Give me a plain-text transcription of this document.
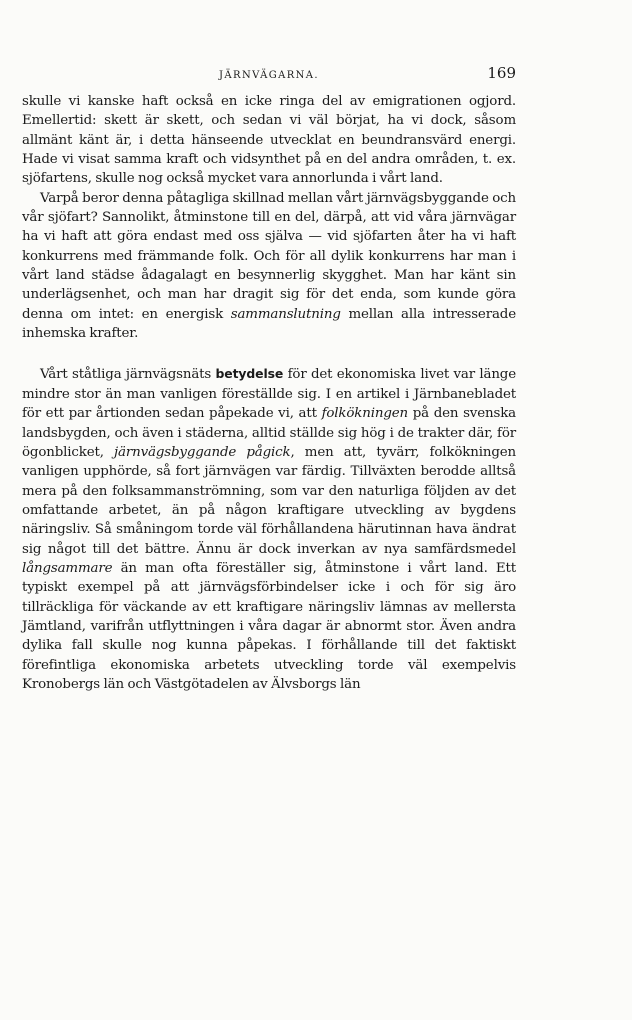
JÄRNVÄGARNA.	169

skulle vi kanske haft också en icke ringa del av emigrationen ogjord. Emellertid: skett är skett, och sedan vi väl börjat, ha vi dock, såsom allmänt känt är, i detta hänseende utvecklat en beundransvärd energi. Hade vi visat samma kraft och vidsynthet på en del andra områden, t. ex. sjöfartens, skulle nog också mycket vara annorlunda i vårt land.

Varpå beror denna påtagliga skillnad mellan vårt järnvägsbyggande och vår sjöfart? Sannolikt, åtminstone till en del, därpå, att vid våra järnvägar ha vi haft att göra endast med oss själva — vid sjöfarten åter ha vi haft konkurrens med främmande folk. Och för all dylik konkurrens har man i vårt land städse ådagalagt en besynnerlig skygghet. Man har känt sin underlägsenhet, och man har dragit sig för det enda, som kunde göra denna om intet: en energisk sammanslutning mellan alla intresserade inhemska krafter.

Vårt ståtliga järnvägsnäts betydelse för det ekonomiska livet var länge mindre stor än man vanligen föreställde sig. I en artikel i Järnbanebladet för ett par årtionden sedan påpekade vi, att folkökningen på den svenska landsbygden, och även i städerna, alltid ställde sig hög i de trakter där, för ögonblicket, järnvägsbyggande pågick, men att, tyvärr, folkökningen vanligen upphörde, så fort järnvägen var färdig. Tillväxten berodde alltså mera på den folksammanströmning, som var den naturliga följden av det omfattande arbetet, än på någon kraftigare utveckling av bygdens näringsliv. Så småningom torde väl förhållandena härutinnan hava ändrat sig något till det bättre. Ännu är dock inverkan av nya samfärdsmedel långsammare än man ofta föreställer sig, åtminstone i vårt land. Ett typiskt exempel på att järnvägsförbindelser icke i och för sig äro tillräckliga för väckande av ett kraftigare näringsliv lämnas av mellersta Jämtland, varifrån utflyttningen i våra dagar är abnormt stor. Även andra dylika fall skulle nog kunna påpekas. I förhållande till det faktiskt förefintliga ekonomiska arbetets utveckling torde väl exempelvis Kronobergs län och Västgötadelen av Älvsborgs län
